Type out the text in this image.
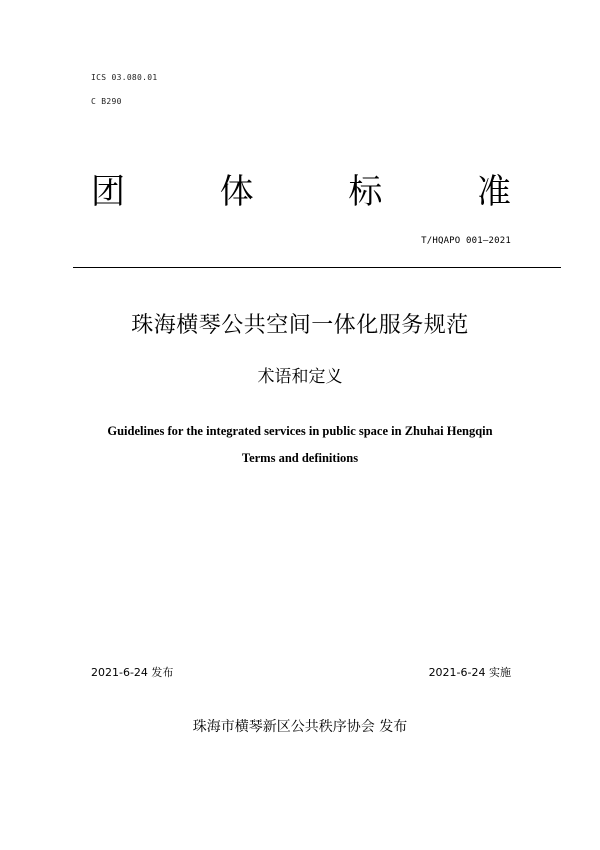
ICS 03.080.01
C B290
团	体	标	准
T/HQAPO 001—2021
珠海横琴公共空间一体化服务规范
术语和定义
Guidelines for the integrated services in public space in Zhuhai Hengqin
Terms and definitions
2021-6-24 发布	2021-6-24 实施
珠海市横琴新区公共秩序协会 发布
